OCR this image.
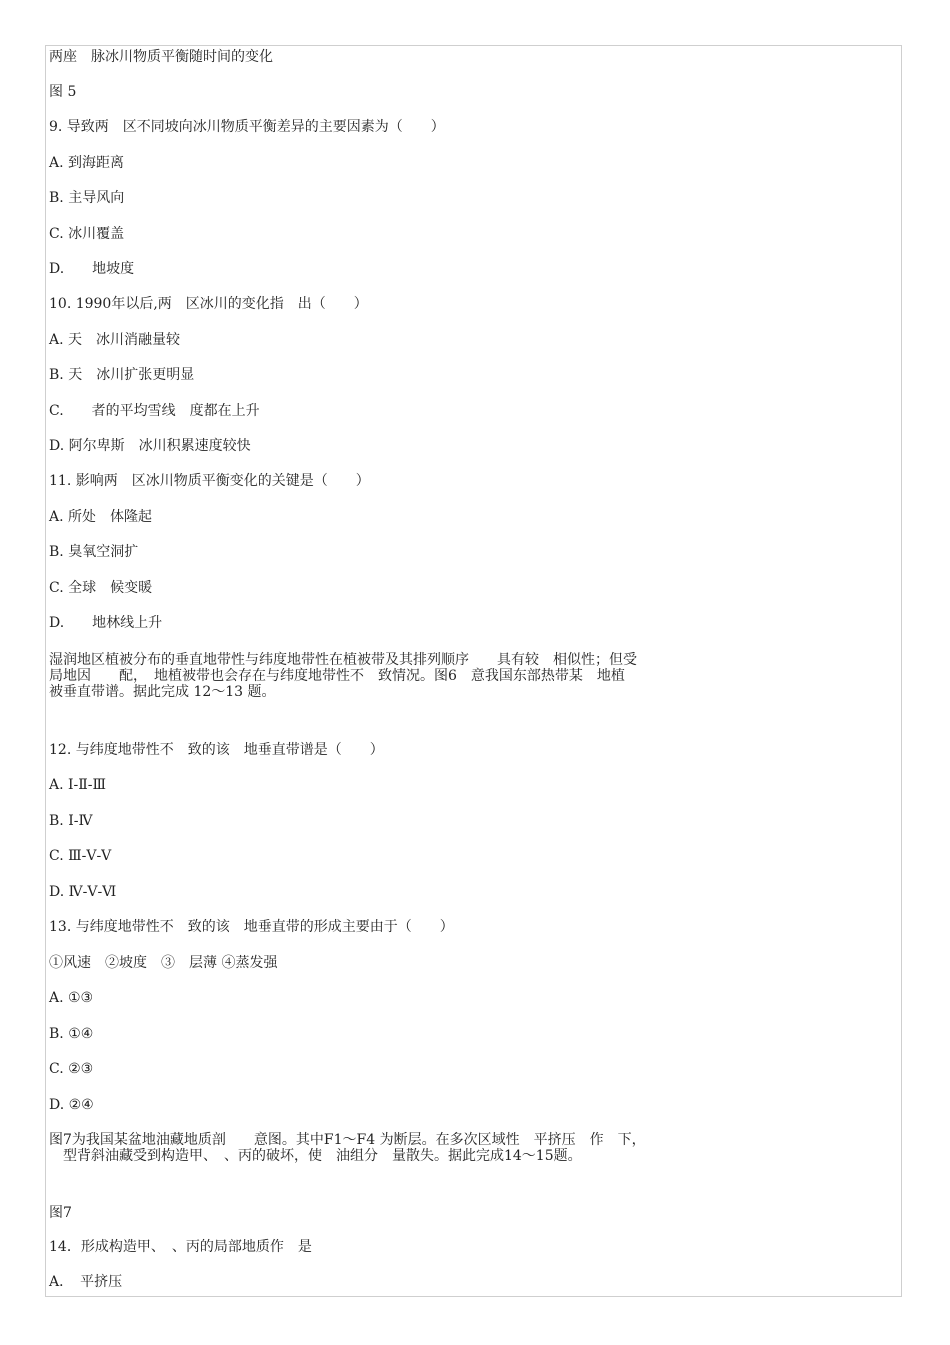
两座　脉冰川物质平衡随时间的变化
图 5
9. 导致两　区不同坡向冰川物质平衡差异的主要因素为（　　）
A. 到海距离
B. 主导风向
C. 冰川覆盖
D.　　地坡度
10. 1990年以后,两　区冰川的变化指　出（　　）
A. 天　冰川消融量较
B. 天　冰川扩张更明显
C.　　者的平均雪线　度都在上升
D. 阿尔卑斯　冰川积累速度较快
11. 影响两　区冰川物质平衡变化的关键是（　　）
A. 所处　体隆起
B. 臭氧空洞扩
C. 全球　候变暖
D.　　地林线上升
湿润地区植被分布的垂直地带性与纬度地带性在植被带及其排列顺序　　具有较　相似性；但受
局地因　　配，　地植被带也会存在与纬度地带性不　致情况。图6　意我国东部热带某　地植
被垂直带谱。据此完成 12～13 题。
12. 与纬度地带性不　致的该　地垂直带谱是（　　）
A. Ⅰ-Ⅱ-Ⅲ
B. Ⅰ-Ⅳ
C. Ⅲ-Ⅴ-Ⅴ
D. Ⅳ-Ⅴ-Ⅵ
13. 与纬度地带性不　致的该　地垂直带的形成主要由于（　　）
①风速　②坡度　③　层薄 ④蒸发强
A. ①③
B. ①④
C. ②③
D. ②④
图7为我国某盆地油藏地质剖　　意图。其中F1～F4 为断层。在多次区域性　平挤压　作　下，
　型背斜油藏受到构造甲、　、丙的破坏，使　油组分　量散失。据此完成14～15题。
图7
14．形成构造甲、　、丙的局部地质作　是
A．　平挤压
